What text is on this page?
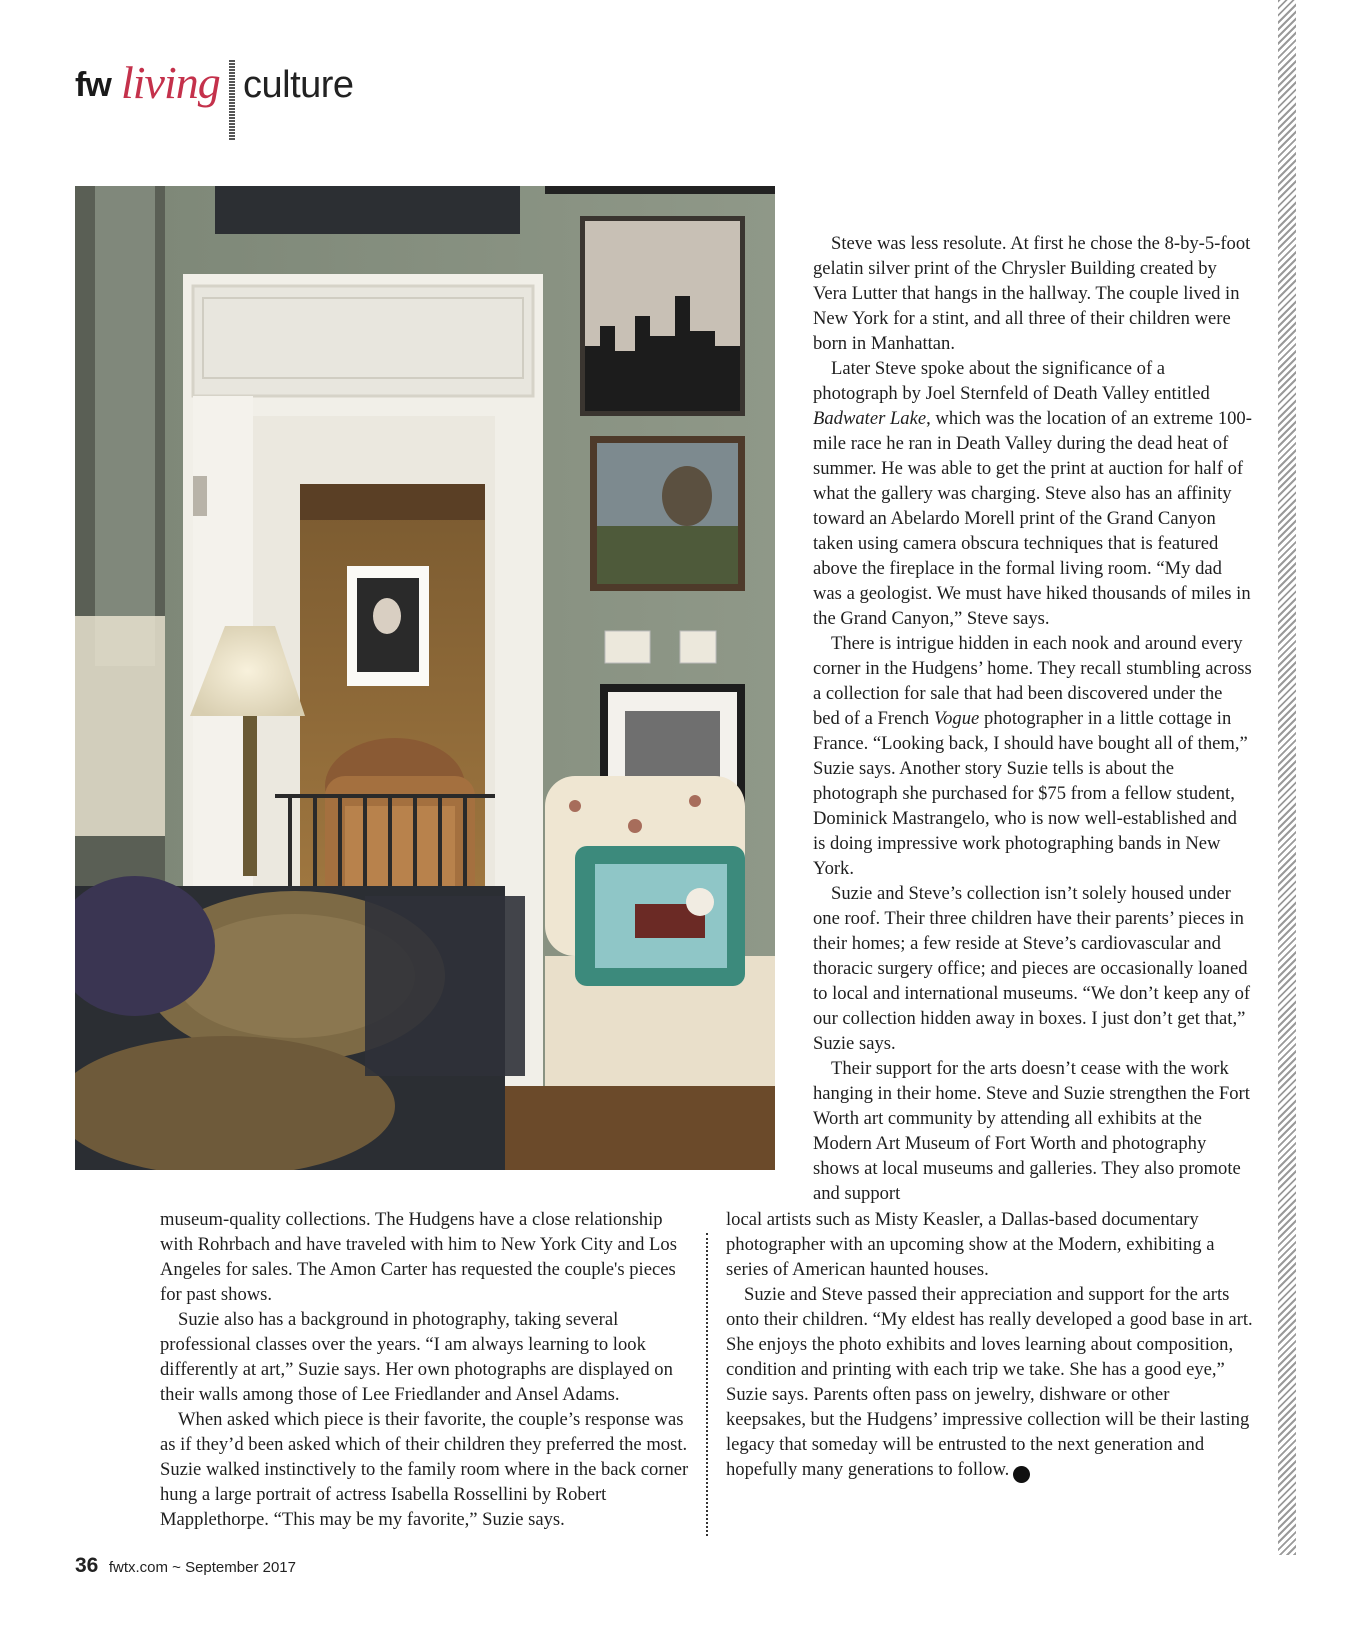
fw living culture

Steve was less resolute. At first he chose the 8-by-5-foot gelatin silver print of the Chrysler Building created by Vera Lutter that hangs in the hallway. The couple lived in New York for a stint, and all three of their children were born in Manhattan.

Later Steve spoke about the significance of a photograph by Joel Sternfeld of Death Valley entitled Badwater Lake, which was the location of an extreme 100-mile race he ran in Death Valley during the dead heat of summer. He was able to get the print at auction for half of what the gallery was charging. Steve also has an affinity toward an Abelardo Morell print of the Grand Canyon taken using camera obscura techniques that is featured above the fireplace in the formal living room. “My dad was a geologist. We must have hiked thousands of miles in the Grand Canyon,” Steve says.

There is intrigue hidden in each nook and around every corner in the Hudgens’ home. They recall stumbling across a collection for sale that had been discovered under the bed of a French Vogue photographer in a little cottage in France. “Looking back, I should have bought all of them,” Suzie says. Another story Suzie tells is about the photograph she purchased for $75 from a fellow student, Dominick Mastrangelo, who is now well-established and is doing impressive work photographing bands in New York.

Suzie and Steve’s collection isn’t solely housed under one roof. Their three children have their parents’ pieces in their homes; a few reside at Steve’s cardiovascular and thoracic surgery office; and pieces are occasionally loaned to local and international museums. “We don’t keep any of our collection hidden away in boxes. I just don’t get that,” Suzie says.

Their support for the arts doesn’t cease with the work hanging in their home. Steve and Suzie strengthen the Fort Worth art community by attending all exhibits at the Modern Art Museum of Fort Worth and photography shows at local museums and galleries. They also promote and support

museum-quality collections. The Hudgens have a close relationship with Rohrbach and have traveled with him to New York City and Los Angeles for sales. The Amon Carter has requested the couple's pieces for past shows.

Suzie also has a background in photography, taking several professional classes over the years. “I am always learning to look differently at art,” Suzie says. Her own photographs are displayed on their walls among those of Lee Friedlander and Ansel Adams.

When asked which piece is their favorite, the couple’s response was as if they’d been asked which of their children they preferred the most. Suzie walked instinctively to the family room where in the back corner hung a large portrait of actress Isabella Rossellini by Robert Mapplethorpe. “This may be my favorite,” Suzie says.

local artists such as Misty Keasler, a Dallas-based documentary photographer with an upcoming show at the Modern, exhibiting a series of American haunted houses.

Suzie and Steve passed their appreciation and support for the arts onto their children. “My eldest has really developed a good base in art. She enjoys the photo exhibits and loves learning about composition, condition and printing with each trip we take. She has a good eye,” Suzie says. Parents often pass on jewelry, dishware or other keepsakes, but the Hudgens’ impressive collection will be their lasting legacy that someday will be entrusted to the next generation and hopefully many generations to follow. fw

36 fwtx.com ~ September 2017
